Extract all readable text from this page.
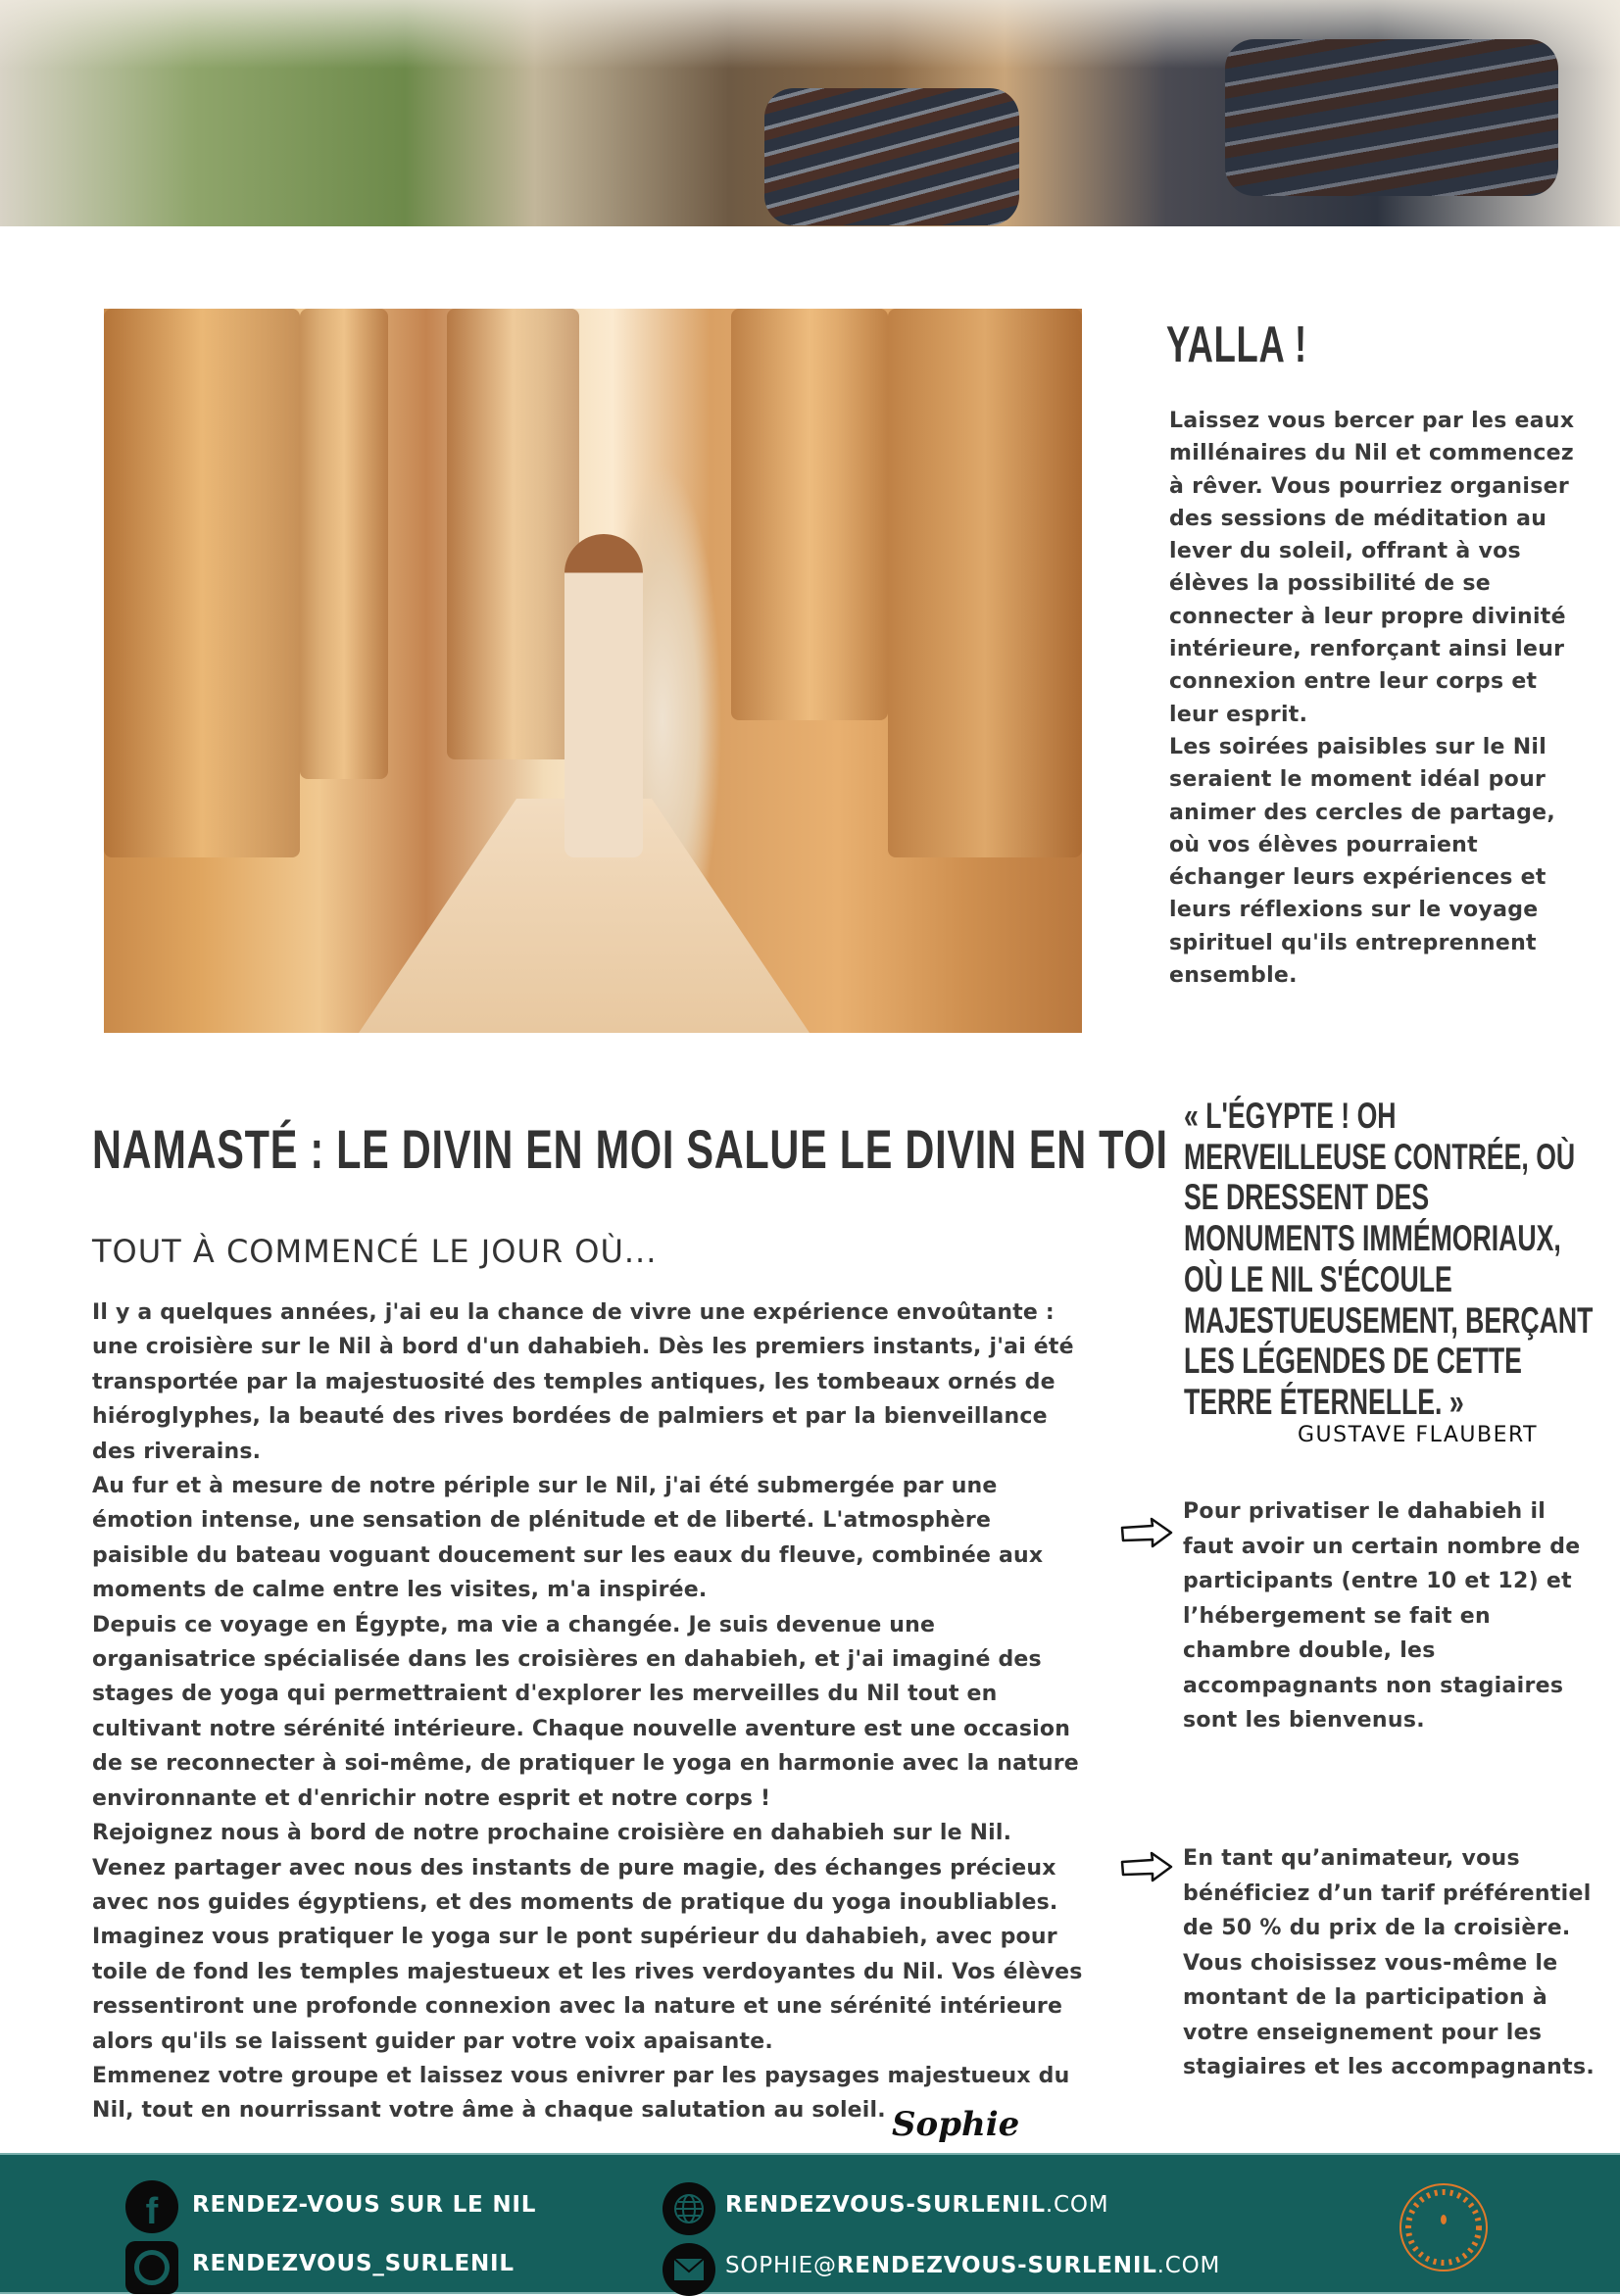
YALLA !
Laissez vous bercer par les eaux millénaires du Nil et commencez à rêver. Vous pourriez organiser des sessions de méditation au lever du soleil, offrant à vos élèves la possibilité de se connecter à leur propre divinité intérieure, renforçant ainsi leur connexion entre leur corps et leur esprit.
Les soirées paisibles sur le Nil seraient le moment idéal pour animer des cercles de partage, où vos élèves pourraient échanger leurs expériences et leurs réflexions sur le voyage spirituel qu'ils entreprennent ensemble.
NAMASTÉ : LE DIVIN EN MOI SALUE LE DIVIN EN TOI
TOUT À COMMENCÉ LE JOUR OÙ...
Il y a quelques années, j'ai eu la chance de vivre une expérience envoûtante : une croisière sur le Nil à bord d'un dahabieh. Dès les premiers instants, j'ai été transportée par la majestuosité des temples antiques, les tombeaux ornés de hiéroglyphes, la beauté des rives bordées de palmiers et par la bienveillance des riverains.
Au fur et à mesure de notre périple sur le Nil, j'ai été submergée par une émotion intense, une sensation de plénitude et de liberté. L'atmosphère paisible du bateau voguant doucement sur les eaux du fleuve, combinée aux moments de calme entre les visites, m'a inspirée.
Depuis ce voyage en Égypte, ma vie a changée. Je suis devenue une organisatrice spécialisée dans les croisières en dahabieh, et j'ai imaginé des stages de yoga qui permettraient d'explorer les merveilles du Nil tout en cultivant notre sérénité intérieure. Chaque nouvelle aventure est une occasion de se reconnecter à soi-même, de pratiquer le yoga en harmonie avec la nature environnante et d'enrichir notre esprit et notre corps !
Rejoignez nous à bord de notre prochaine croisière en dahabieh sur le Nil. Venez partager avec nous des instants de pure magie, des échanges précieux avec nos guides égyptiens, et des moments de pratique du yoga inoubliables. Imaginez vous pratiquer le yoga sur le pont supérieur du dahabieh, avec pour toile de fond les temples majestueux et les rives verdoyantes du Nil. Vos élèves ressentiront une profonde connexion avec la nature et une sérénité intérieure alors qu'ils se laissent guider par votre voix apaisante.
Emmenez votre groupe et laissez vous enivrer par les paysages majestueux du Nil, tout en nourrissant votre âme à chaque salutation au soleil. Sophie
« L'ÉGYPTE ! OH
MERVEILLEUSE CONTRÉE, OÙ
SE DRESSENT DES
MONUMENTS IMMÉMORIAUX,
OÙ LE NIL S'ÉCOULE
MAJESTUEUSEMENT, BERÇANT
LES LÉGENDES DE CETTE
TERRE ÉTERNELLE. »
GUSTAVE FLAUBERT
Pour privatiser le dahabieh il faut avoir un certain nombre de participants (entre 10 et 12) et l’hébergement se fait en chambre double, les accompagnants non stagiaires sont les bienvenus.
En tant qu’animateur, vous bénéficiez d’un tarif préférentiel de 50 % du prix de la croisière. Vous choisissez vous-même le montant de la participation à votre enseignement pour les stagiaires et les accompagnants.
f RENDEZ-VOUS SUR LE NIL
RENDEZVOUS_SURLENIL
RENDEZVOUS-SURLENIL.COM
SOPHIE@RENDEZVOUS-SURLENIL.COM
